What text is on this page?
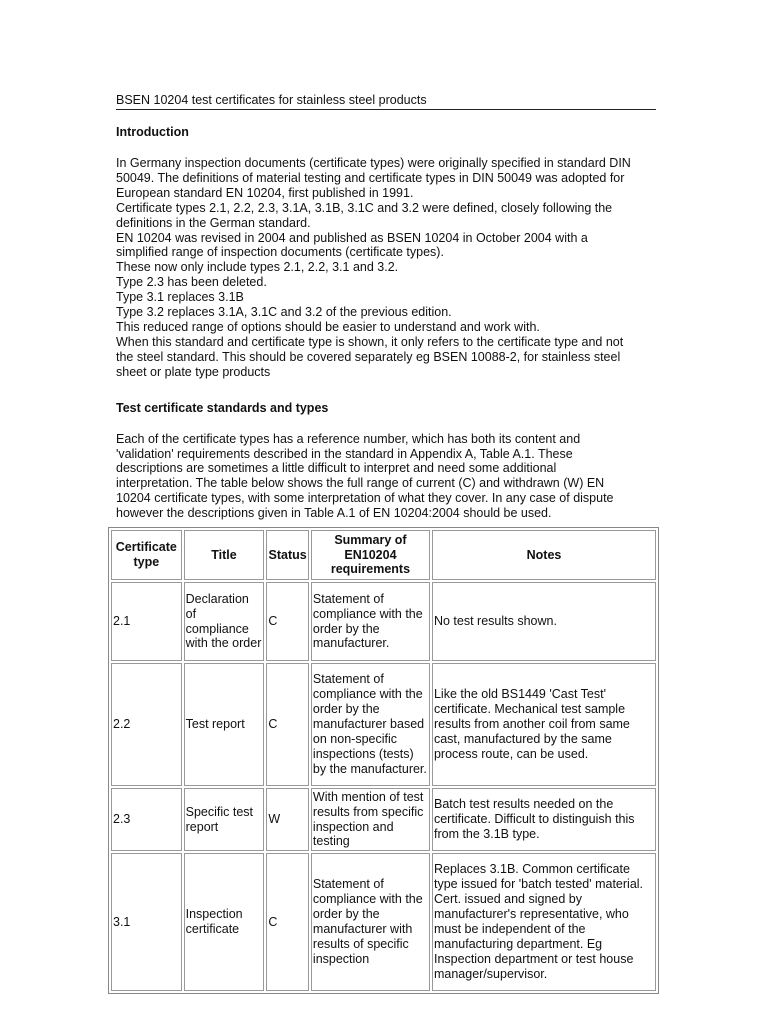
BSEN 10204 test certificates for stainless steel products
Introduction
In Germany inspection documents (certificate types) were originally specified in standard DIN
50049. The definitions of material testing and certificate types in DIN 50049 was adopted for
European standard EN 10204, first published in 1991.
Certificate types 2.1, 2.2, 2.3, 3.1A, 3.1B, 3.1C and 3.2 were defined, closely following the
definitions in the German standard.
EN 10204 was revised in 2004 and published as BSEN 10204 in October 2004 with a
simplified range of inspection documents (certificate types).
These now only include types 2.1, 2.2, 3.1 and 3.2.
Type 2.3 has been deleted.
Type 3.1 replaces 3.1B
Type 3.2 replaces 3.1A, 3.1C and 3.2 of the previous edition.
This reduced range of options should be easier to understand and work with.
When this standard and certificate type is shown, it only refers to the certificate type and not
the steel standard. This should be covered separately eg BSEN 10088-2, for stainless steel
sheet or plate type products
Test certificate standards and types
Each of the certificate types has a reference number, which has both its content and
'validation' requirements described in the standard in Appendix A, Table A.1. These
descriptions are sometimes a little difficult to interpret and need some additional
interpretation. The table below shows the full range of current (C) and withdrawn (W) EN
10204 certificate types, with some interpretation of what they cover. In any case of dispute
however the descriptions given in Table A.1 of EN 10204:2004 should be used.
Certificate type	Title	Status	Summary of EN10204 requirements	Notes
2.1	Declaration of compliance with the order	C	Statement of compliance with the order by the manufacturer.	No test results shown.
2.2	Test report	C	Statement of compliance with the order by the manufacturer based on non-specific inspections (tests) by the manufacturer.	Like the old BS1449 'Cast Test' certificate. Mechanical test sample results from another coil from same cast, manufactured by the same process route, can be used.
2.3	Specific test report	W	With mention of test results from specific inspection and testing	Batch test results needed on the certificate. Difficult to distinguish this from the 3.1B type.
3.1	Inspection certificate	C	Statement of compliance with the order by the manufacturer with results of specific inspection	Replaces 3.1B. Common certificate type issued for 'batch tested' material. Cert. issued and signed by manufacturer's representative, who must be independent of the manufacturing department. Eg Inspection department or test house manager/supervisor.
